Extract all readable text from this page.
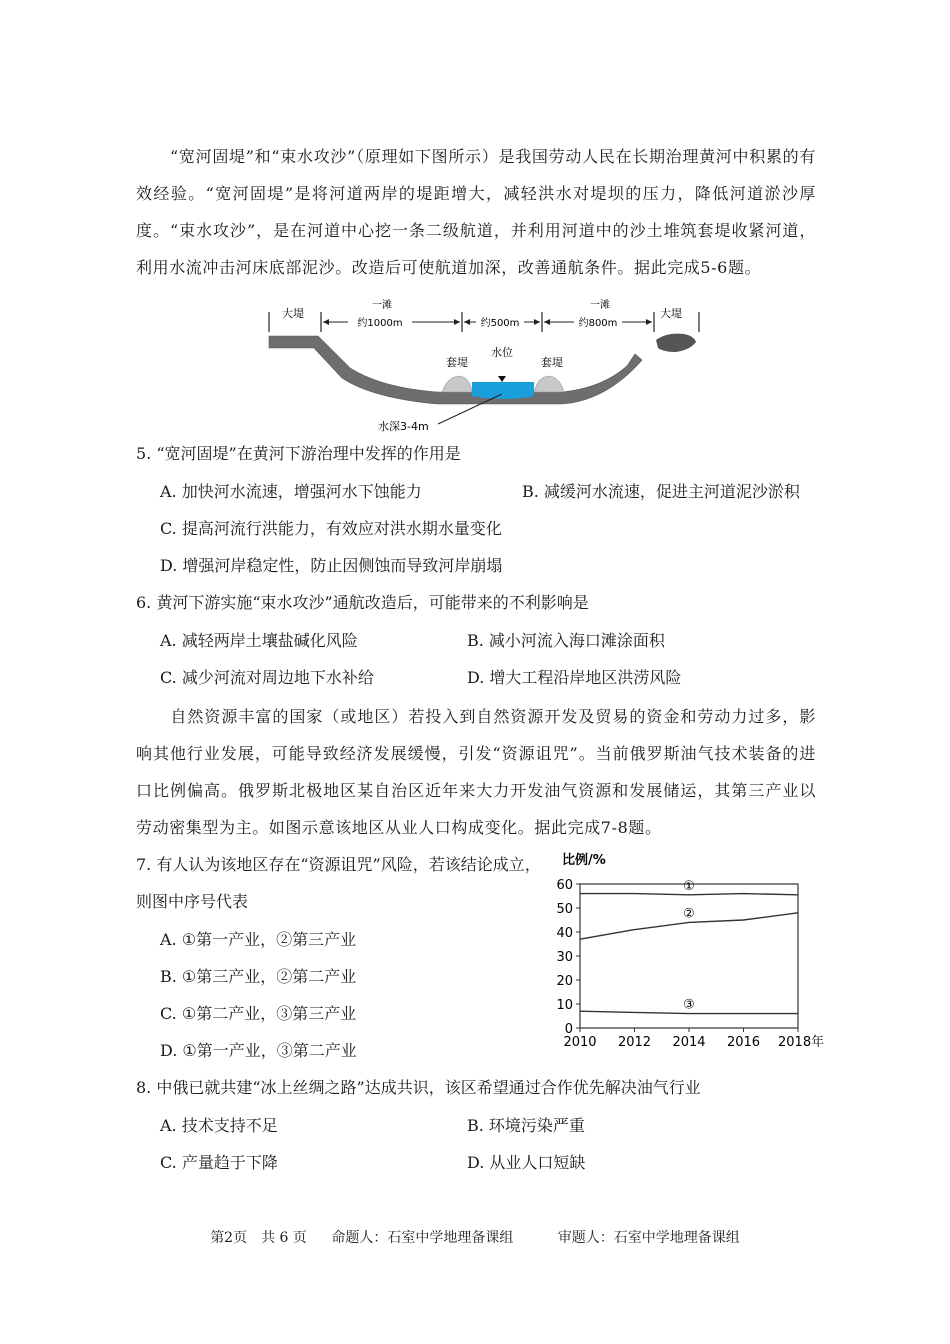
“宽河固堤”和“束水攻沙”（原理如下图所示）是我国劳动人民在长期治理黄河中积累的有效经验。“宽河固堤”是将河道两岸的堤距增大，减轻洪水对堤坝的压力，降低河道淤沙厚度。“束水攻沙”，是在河道中心挖一条二级航道，并利用河道中的沙土堆筑套堤收紧河道，利用水流冲击河床底部泥沙。改造后可使航道加深，改善通航条件。据此完成5-6题。

大堤
一滩
约1000m	约500m
一滩
约800m
大堤
水位
套堤	套堤
水深3-4m

5. “宽河固堤”在黄河下游治理中发挥的作用是

A. 加快河水流速，增强河水下蚀能力	B. 减缓河水流速，促进主河道泥沙淤积
C. 提高河流行洪能力，有效应对洪水期水量变化
D. 增强河岸稳定性，防止因侧蚀而导致河岸崩塌

6. 黄河下游实施“束水攻沙”通航改造后，可能带来的不利影响是

A. 减轻两岸土壤盐碱化风险	B. 减小河流入海口滩涂面积
C. 减少河流对周边地下水补给	D. 增大工程沿岸地区洪涝风险

自然资源丰富的国家（或地区）若投入到自然资源开发及贸易的资金和劳动力过多，影响其他行业发展，可能导致经济发展缓慢，引发“资源诅咒”。当前俄罗斯油气技术装备的进口比例偏高。俄罗斯北极地区某自治区近年来大力开发油气资源和发展储运，其第三产业以劳动密集型为主。如图示意该地区从业人口构成变化。据此完成7-8题。

7. 有人认为该地区存在“资源诅咒”风险，若该结论成立，

则图中序号代表

A. ①第一产业，②第三产业
B. ①第三产业，②第二产业
C. ①第二产业，③第三产业
D. ①第一产业，③第二产业
比例/%
0
10
20
30
40
50
60
2010 2012 2014 2016 2018年
①
②
③

8. 中俄已就共建“冰上丝绸之路”达成共识，该区希望通过合作优先解决油气行业

A. 技术支持不足	B. 环境污染严重
C. 产量趋于下降	D. 从业人口短缺
第2页　共 6 页 命题人：石室中学地理备课组	审题人：石室中学地理备课组
